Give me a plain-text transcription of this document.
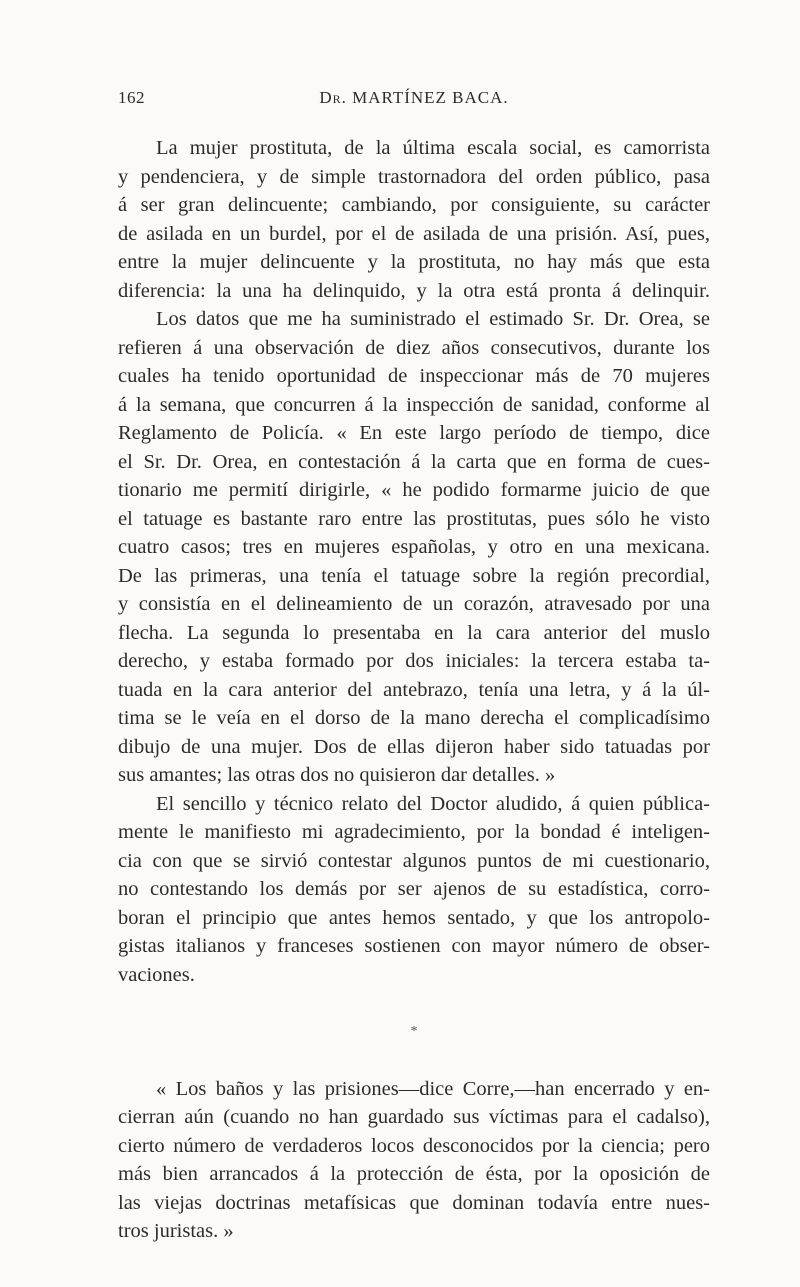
162	Dr. MARTÍNEZ BACA.
La mujer prostituta, de la última escala social, es camorrista
y pendenciera, y de simple trastornadora del orden público, pasa
á ser gran delincuente; cambiando, por consiguiente, su carácter
de asilada en un burdel, por el de asilada de una prisión. Así, pues,
entre la mujer delincuente y la prostituta, no hay más que esta
diferencia: la una ha delinquido, y la otra está pronta á delinquir.
Los datos que me ha suministrado el estimado Sr. Dr. Orea, se
refieren á una observación de diez años consecutivos, durante los
cuales ha tenido oportunidad de inspeccionar más de 70 mujeres
á la semana, que concurren á la inspección de sanidad, conforme al
Reglamento de Policía. « En este largo período de tiempo, dice
el Sr. Dr. Orea, en contestación á la carta que en forma de cues-
tionario me permití dirigirle, « he podido formarme juicio de que
el tatuage es bastante raro entre las prostitutas, pues sólo he visto
cuatro casos; tres en mujeres españolas, y otro en una mexicana.
De las primeras, una tenía el tatuage sobre la región precordial,
y consistía en el delineamiento de un corazón, atravesado por una
flecha. La segunda lo presentaba en la cara anterior del muslo
derecho, y estaba formado por dos iniciales: la tercera estaba ta-
tuada en la cara anterior del antebrazo, tenía una letra, y á la úl-
tima se le veía en el dorso de la mano derecha el complicadísimo
dibujo de una mujer. Dos de ellas dijeron haber sido tatuadas por
sus amantes; las otras dos no quisieron dar detalles. »
El sencillo y técnico relato del Doctor aludido, á quien pública-
mente le manifiesto mi agradecimiento, por la bondad é inteligen-
cia con que se sirvió contestar algunos puntos de mi cuestionario,
no contestando los demás por ser ajenos de su estadística, corro-
boran el principio que antes hemos sentado, y que los antropolo-
gistas italianos y franceses sostienen con mayor número de obser-
vaciones.
*
« Los baños y las prisiones—dice Corre,—han encerrado y en-
cierran aún (cuando no han guardado sus víctimas para el cadalso),
cierto número de verdaderos locos desconocidos por la ciencia; pero
más bien arrancados á la protección de ésta, por la oposición de
las viejas doctrinas metafísicas que dominan todavía entre nues-
tros juristas. »
